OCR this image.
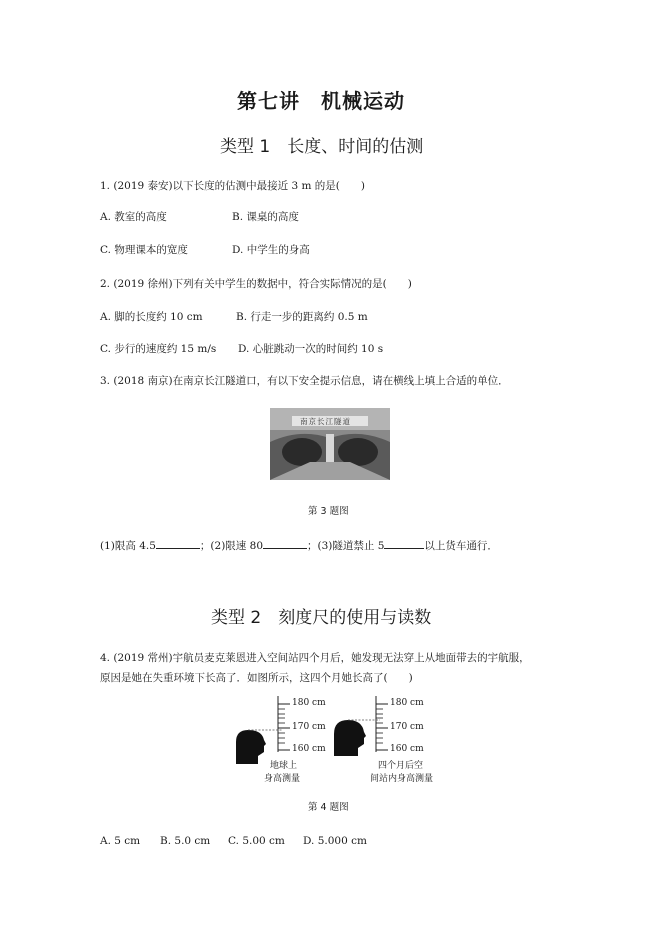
第七讲　机械运动
类型 1　长度、时间的估测
1. (2019 泰安)以下长度的估测中最接近 3 m 的是(　　)
A. 教室的高度	B. 课桌的高度
C. 物理课本的宽度	D. 中学生的身高
2. (2019 徐州)下列有关中学生的数据中，符合实际情况的是(　　)
A. 脚的长度约 10 cm	B. 行走一步的距离约 0.5 m
C. 步行的速度约 15 m/s D. 心脏跳动一次的时间约 10 s
3. (2018 南京)在南京长江隧道口，有以下安全提示信息，请在横线上填上合适的单位．
南京长江隧道
第 3 题图
(1)限高 4.5	；(2)限速 80	；(3)隧道禁止 5	以上货车通行．
类型 2　刻度尺的使用与读数
4. (2019 常州)宇航员麦克莱恩进入空间站四个月后，她发现无法穿上从地面带去的宇航服，
原因是她在失重环境下长高了．如图所示，这四个月她长高了(　　)
180 cm
170 cm
160 cm
180 cm
170 cm
160 cm
地球上
身高测量
四个月后空
间站内身高测量
第 4 题图
A. 5 cm B. 5.0 cm C. 5.00 cm D. 5.000 cm
